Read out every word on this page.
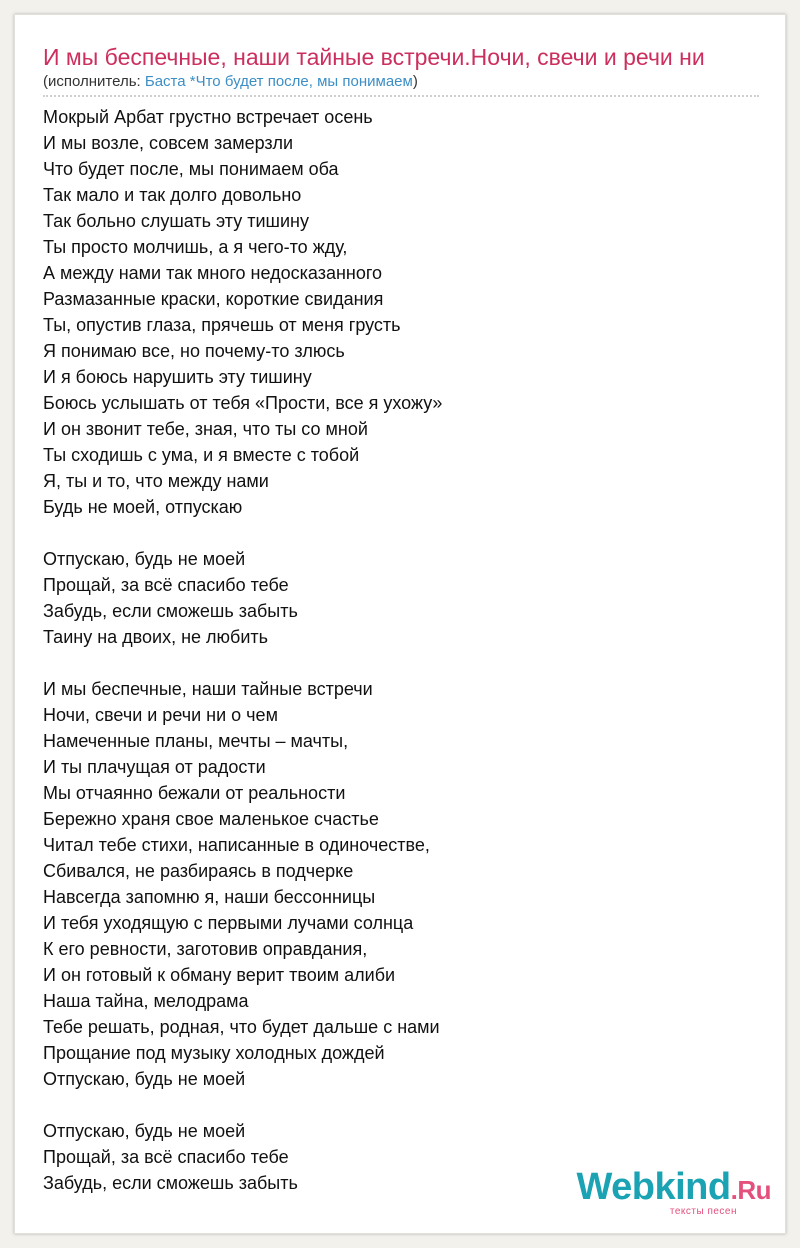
И мы беспечные, наши тайные встречи.Ночи, свечи и речи ни
(исполнитель: Баста *Что будет после, мы понимаем)
Мокрый Арбат грустно встречает осень
И мы возле, совсем замерзли
Что будет после, мы понимаем оба
Так мало и так долго довольно
Так больно слушать эту тишину
Ты просто молчишь, а я чего-то жду,
А между нами так много недосказанного
Размазанные краски, короткие свидания
Ты, опустив глаза, прячешь от меня грусть
Я понимаю все, но почему-то злюсь
И я боюсь нарушить эту тишину
Боюсь услышать от тебя «Прости, все я ухожу»
И он звонит тебе, зная, что ты со мной
Ты сходишь с ума, и я вместе с тобой
Я, ты и то, что между нами
Будь не моей, отпускаю
Отпускаю, будь не моей
Прощай, за всё спасибо тебе
Забудь, если сможешь забыть
Таину на двоих, не любить
И мы беспечные, наши тайные встречи
Ночи, свечи и речи ни о чем
Намеченные планы, мечты – мачты,
И ты плачущая от радости
Мы отчаянно бежали от реальности
Бережно храня свое маленькое счастье
Читал тебе стихи, написанные в одиночестве,
Сбивался, не разбираясь в подчерке
Навсегда запомню я, наши бессонницы
И тебя уходящую с первыми лучами солнца
К его ревности, заготовив оправдания,
И он готовый к обману верит твоим алиби
Наша тайна, мелодрама
Тебе решать, родная, что будет дальше с нами
Прощание под музыку холодных дождей
Отпускаю, будь не моей
Отпускаю, будь не моей
Прощай, за всё спасибо тебе
Забудь, если сможешь забыть	Webkind.Ru
тексты песен
